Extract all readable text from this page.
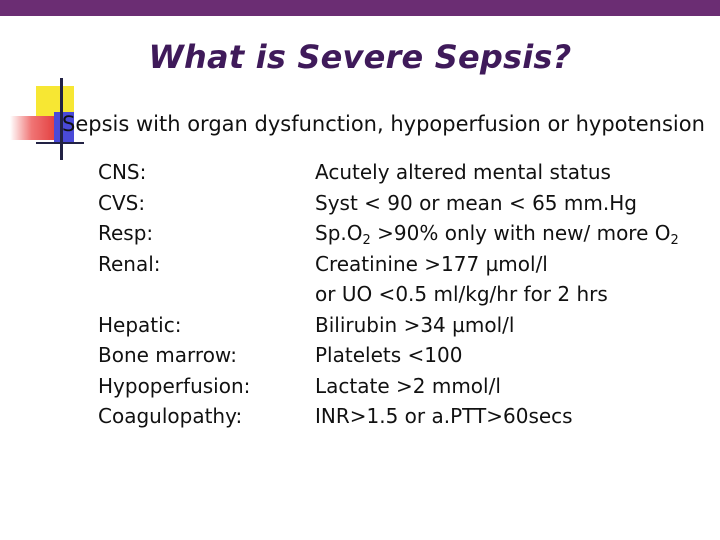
What is Severe Sepsis?
Sepsis with organ dysfunction, hypoperfusion or hypotension
CNS:
CVS:
Resp:
Renal:
Hepatic:
Bone marrow:
Hypoperfusion:
Coagulopathy:
Acutely altered mental status
Syst < 90 or mean < 65 mm.Hg
$Sp.O_2 >90\%$ only with new/ more $O_2$
Creatinine >177 µmol/l
or UO <0.5 ml/kg/hr for 2 hrs
Bilirubin >34 µmol/l
Platelets <100
Lactate >2 mmol/l
INR>1.5 or a.PTT>60secs
